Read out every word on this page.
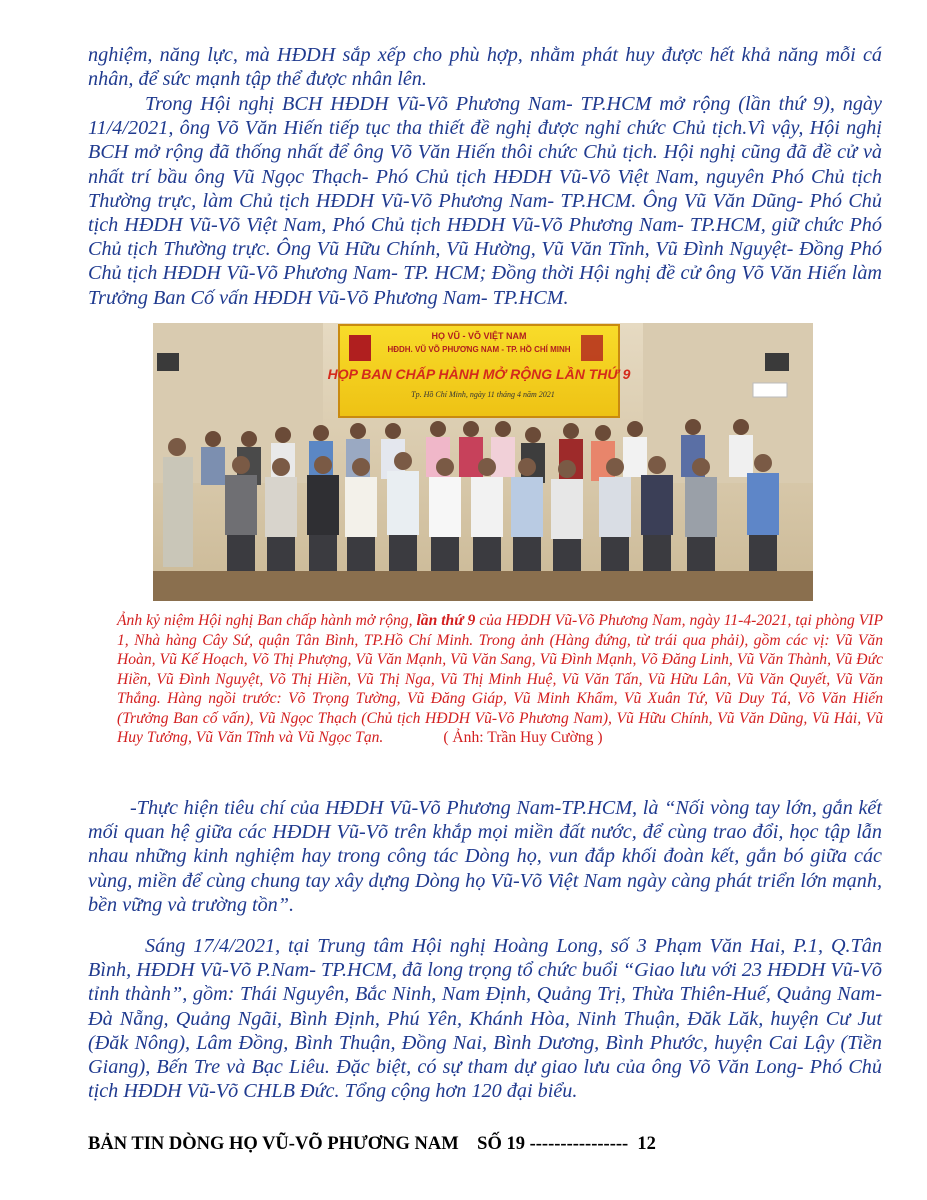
nghiệm, năng lực, mà HĐDH sắp xếp cho phù hợp, nhằm phát huy được hết khả năng mỗi cá nhân, để sức mạnh tập thể được nhân lên.

Trong Hội nghị BCH HĐDH Vũ-Võ Phương Nam- TP.HCM mở rộng (lần thứ 9), ngày 11/4/2021, ông Võ Văn Hiến tiếp tục tha thiết đề nghị được nghỉ chức Chủ tịch.Vì vậy, Hội nghị BCH mở rộng đã thống nhất để ông Võ Văn Hiến thôi chức Chủ tịch. Hội nghị cũng đã đề cử và nhất trí bầu ông Vũ Ngọc Thạch- Phó Chủ tịch HĐDH Vũ-Võ Việt Nam, nguyên Phó Chủ tịch Thường trực, làm Chủ tịch HĐDH Vũ-Võ Phương Nam- TP.HCM. Ông Vũ Văn Dũng- Phó Chủ tịch HĐDH Vũ-Võ Việt Nam, Phó Chủ tịch HĐDH Vũ-Võ Phương Nam- TP.HCM, giữ chức Phó Chủ tịch Thường trực. Ông Vũ Hữu Chính, Vũ Hường, Vũ Văn Tĩnh, Vũ Đình Nguyệt- Đồng Phó Chủ tịch HĐDH Vũ-Võ Phương Nam- TP. HCM; Đồng thời Hội nghị đề cử ông Võ Văn Hiến làm Trưởng Ban Cố vấn HĐDH Vũ-Võ Phương Nam- TP.HCM.

HỌ VŨ - VÕ VIỆT NAM
HĐDH. VŨ VÕ PHƯƠNG NAM - TP. HỒ CHÍ MINH
HỌP BAN CHẤP HÀNH MỞ RỘNG LẦN THỨ 9
Tp. Hồ Chí Minh, ngày 11 tháng 4 năm 2021

Ảnh kỷ niệm Hội nghị Ban chấp hành mở rộng, lần thứ 9 của HĐDH Vũ-Võ Phương Nam, ngày 11-4-2021, tại phòng VIP 1, Nhà hàng Cây Sứ, quận Tân Bình, TP.Hồ Chí Minh. Trong ảnh (Hàng đứng, từ trái qua phải), gồm các vị: Vũ Văn Hoàn, Vũ Kế Hoạch, Võ Thị Phượng, Vũ Văn Mạnh, Vũ Văn Sang, Vũ Đình Mạnh, Võ Đăng Linh, Vũ Văn Thành, Vũ Đức Hiền, Vũ Đình Nguyệt, Võ Thị Hiền, Vũ Thị Nga, Vũ Thị Minh Huệ, Vũ Văn Tấn, Vũ Hữu Lân, Vũ Văn Quyết, Vũ Văn Thắng. Hàng ngồi trước: Võ Trọng Tường, Vũ Đăng Giáp, Vũ Minh Khẩm, Vũ Xuân Tứ, Vũ Duy Tá, Võ Văn Hiến (Trưởng Ban cố vấn), Vũ Ngọc Thạch (Chủ tịch HĐDH Vũ-Võ Phương Nam), Vũ Hữu Chính, Vũ Văn Dũng, Vũ Hải, Vũ Huy Tưởng, Vũ Văn Tĩnh và Vũ Ngọc Tạn.	( Ảnh: Trần Huy Cường )

-Thực hiện tiêu chí của HĐDH Vũ-Võ Phương Nam-TP.HCM, là “Nối vòng tay lớn, gắn kết mối quan hệ giữa các HĐDH Vũ-Võ trên khắp mọi miền đất nước, để cùng trao đổi, học tập lẫn nhau những kinh nghiệm hay trong công tác Dòng họ, vun đắp khối đoàn kết, gắn bó giữa các vùng, miền để cùng chung tay xây dựng Dòng họ Vũ-Võ Việt Nam ngày càng phát triển lớn mạnh, bền vững và trường tồn”.

Sáng 17/4/2021, tại Trung tâm Hội nghị Hoàng Long, số 3 Phạm Văn Hai, P.1, Q.Tân Bình, HĐDH Vũ-Võ P.Nam- TP.HCM, đã long trọng tổ chức buổi “Giao lưu với 23 HĐDH Vũ-Võ tỉnh thành”, gồm: Thái Nguyên, Bắc Ninh, Nam Định, Quảng Trị, Thừa Thiên-Huế, Quảng Nam-Đà Nẵng, Quảng Ngãi, Bình Định, Phú Yên, Khánh Hòa, Ninh Thuận, Đăk Lăk, huyện Cư Jut (Đăk Nông), Lâm Đồng, Bình Thuận, Đồng Nai, Bình Dương, Bình Phước, huyện Cai Lậy (Tiền Giang), Bến Tre và Bạc Liêu. Đặc biệt, có sự tham dự giao lưu của ông Võ Văn Long- Phó Chủ tịch HĐDH Vũ-Võ CHLB Đức. Tổng cộng hơn 120 đại biểu.

BẢN TIN DÒNG HỌ VŨ-VÕ PHƯƠNG NAM    SỐ 19 ----------------  12
